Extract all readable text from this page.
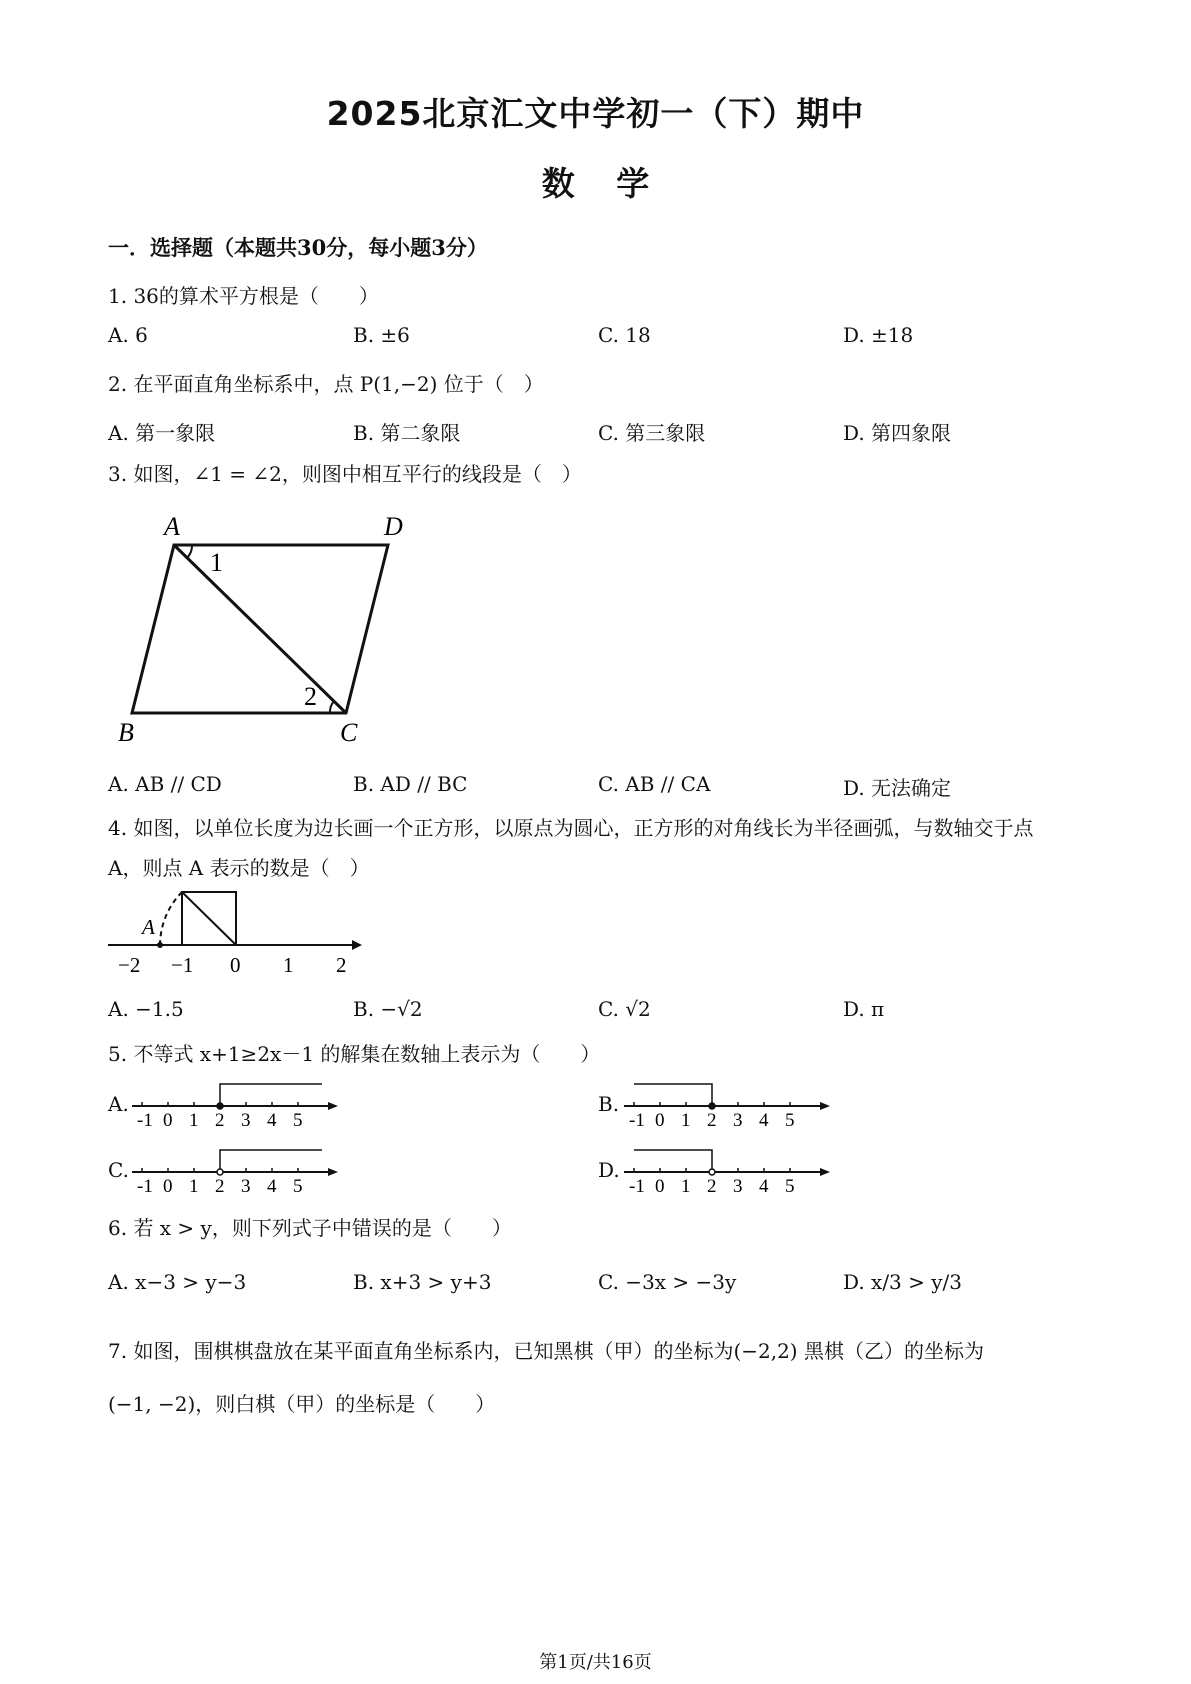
2025北京汇文中学初一（下）期中
数 学
一．选择题（本题共30分，每小题3分）
1. 36的算术平方根是（　　）
A. 6	B. ±6	C. 18	D. ±18
2. 在平面直角坐标系中，点 P(1,−2) 位于（　）
A. 第一象限	B. 第二象限	C. 第三象限	D. 第四象限
3. 如图，∠1 = ∠2，则图中相互平行的线段是（　）
A	D
B	C
1
2
A. AB // CD	B. AD // BC	C. AB // CA	D. 无法确定
4. 如图，以单位长度为边长画一个正方形，以原点为圆心，正方形的对角线长为半径画弧，与数轴交于点
A，则点 A 表示的数是（　）
A
−2 −1 0 1 2
A. −1.5	B. −√2	C. √2	D. π
5. 不等式 x+1≥2x－1 的解集在数轴上表示为（　　）
A.
-1 0 1 2 3 4 5
B.
-1 0 1 2 3 4 5
C.
-1 0 1 2 3 4 5
D.
-1 0 1 2 3 4 5
6. 若 x > y，则下列式子中错误的是（　　）
A. x−3 > y−3	B. x+3 > y+3	C. −3x > −3y	D. x/3 > y/3
7. 如图，围棋棋盘放在某平面直角坐标系内，已知黑棋（甲）的坐标为(−2,2) 黑棋（乙）的坐标为
(−1, −2)，则白棋（甲）的坐标是（　　）
第1页/共16页
